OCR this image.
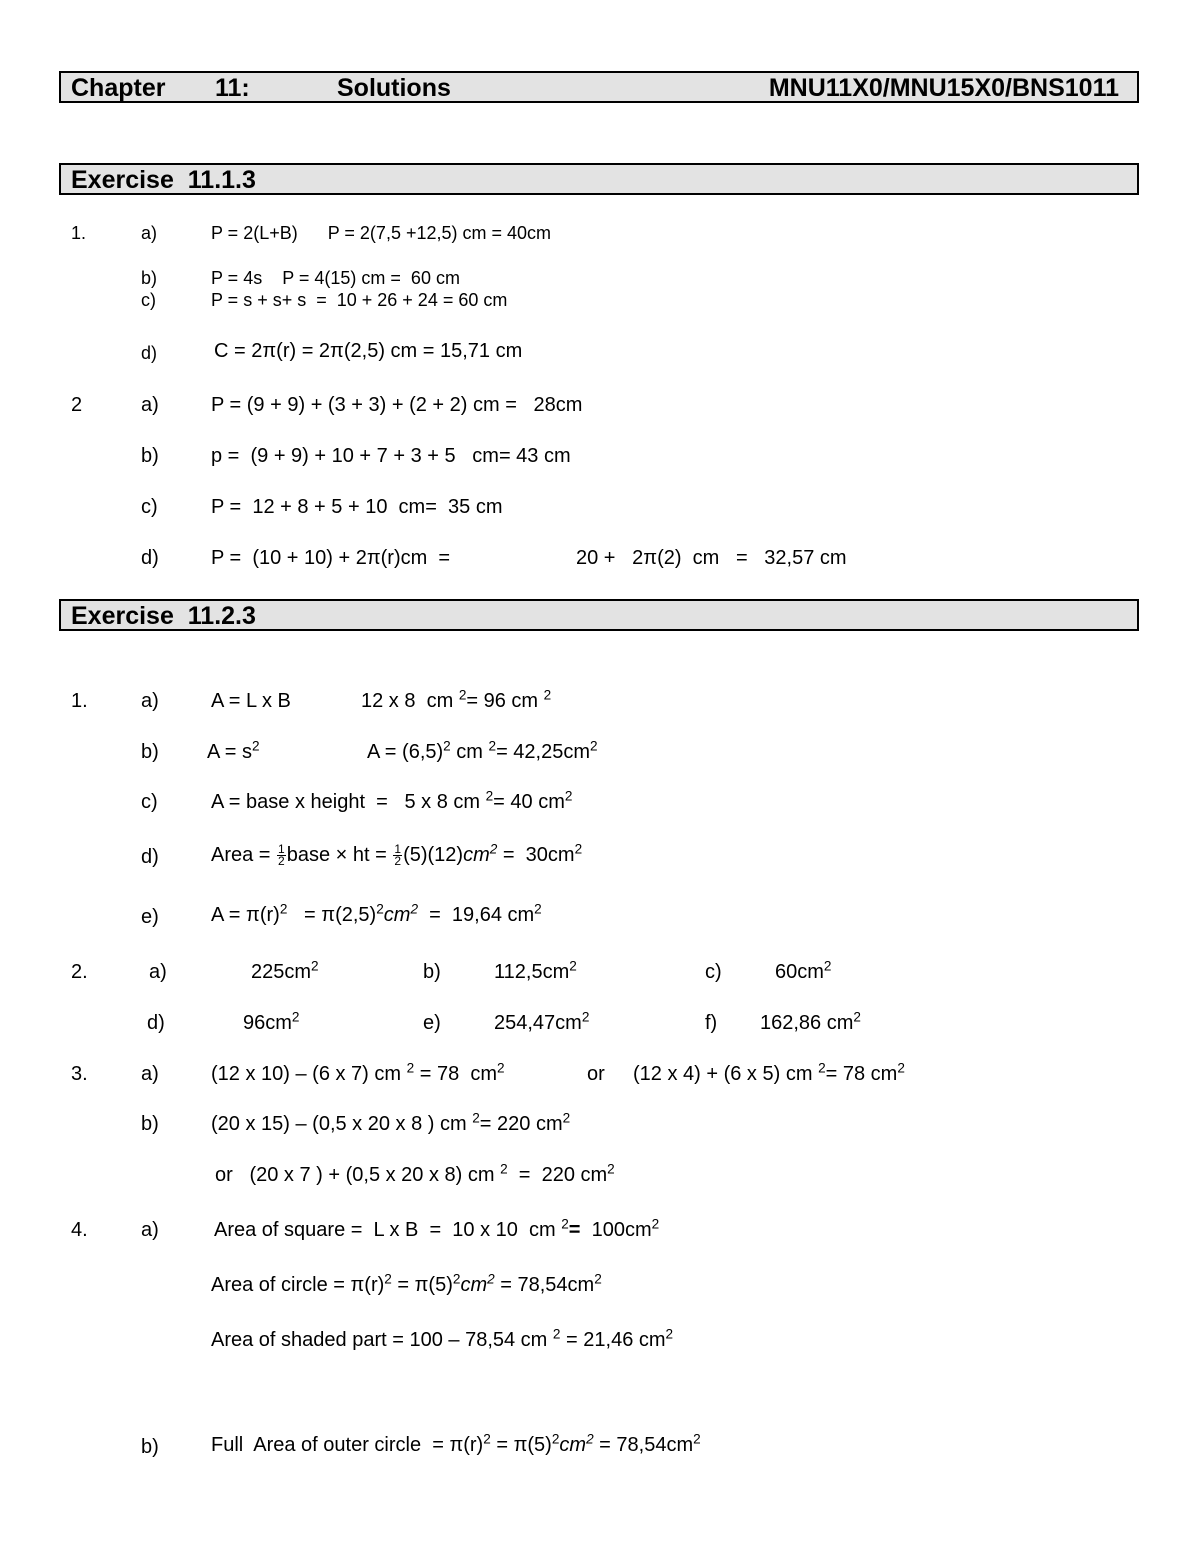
Chapter 11:	Solutions	MNU11X0/MNU15X0/BNS1011
Exercise  11.1.3
1.	a)	P = 2(L+B)      P = 2(7,5 +12,5) cm = 40cm
b)	P = 4s    P = 4(15) cm =  60 cm
c)	P = s + s+ s  =  10 + 26 + 24 = 60 cm
d)	C = 2π(r) = 2π(2,5) cm = 15,71 cm
2	a)	P = (9 + 9) + (3 + 3) + (2 + 2) cm =   28cm
b)	p =  (9 + 9) + 10 + 7 + 3 + 5   cm= 43 cm
c)	P =  12 + 8 + 5 + 10  cm=  35 cm
d)	P =  (10 + 10) + 2π(r)cm  =	20 +   2π(2)  cm   =   32,57 cm
Exercise  11.2.3
1.	a)	A = L x B	12 x 8  cm $^2$= 96 cm $^2$
b) $A = s^2$	$A = (6,5)^2$ cm $^2= 42,25cm^2$
c)	A = base x height  =   5 x 8 cm $^2$= 40 $cm^2$
d)	Area = $\frac{1}{2}$ base × ht = $\frac{1}{2} (5)(12)cm^2 = 30cm^2$
e)	$A = \pi(r)^2 = \pi(2,5)^2cm^2 = 19,64$ $cm^2$
2.	a)	$225cm^2$	b)	$112,5cm^2$	c)	$60cm^2$
d)	$96cm^2$	e)	$254,47cm^2$	f) 162,86 $cm^2$
3.	a)	(12 x 10) – (6 x 7) cm $^2$ = 78  $cm^2$	or (12 x 4) + (6 x 5) cm $^2$= 78 $cm^2$
b)	(20 x 15) – (0,5 x 20 x 8 ) cm $^2$= 220 $cm^2$
or   (20 x 7 ) + (0,5 x 20 x 8) cm $^2$  =  220 $cm^2$
4.	a)	Area of square =  L x B  =  10 x 10  cm $^2= 100cm^2$
Area of circle = $\pi(r)^2 = \pi(5)^2cm^2 = 78,54cm^2$
Area of shaded part = 100 – 78,54 cm $^2$ = 21,46 $cm^2$
b)	Full  Area of outer circle  = $\pi(r)^2 = \pi(5)^2cm^2 = 78,54cm^2$
